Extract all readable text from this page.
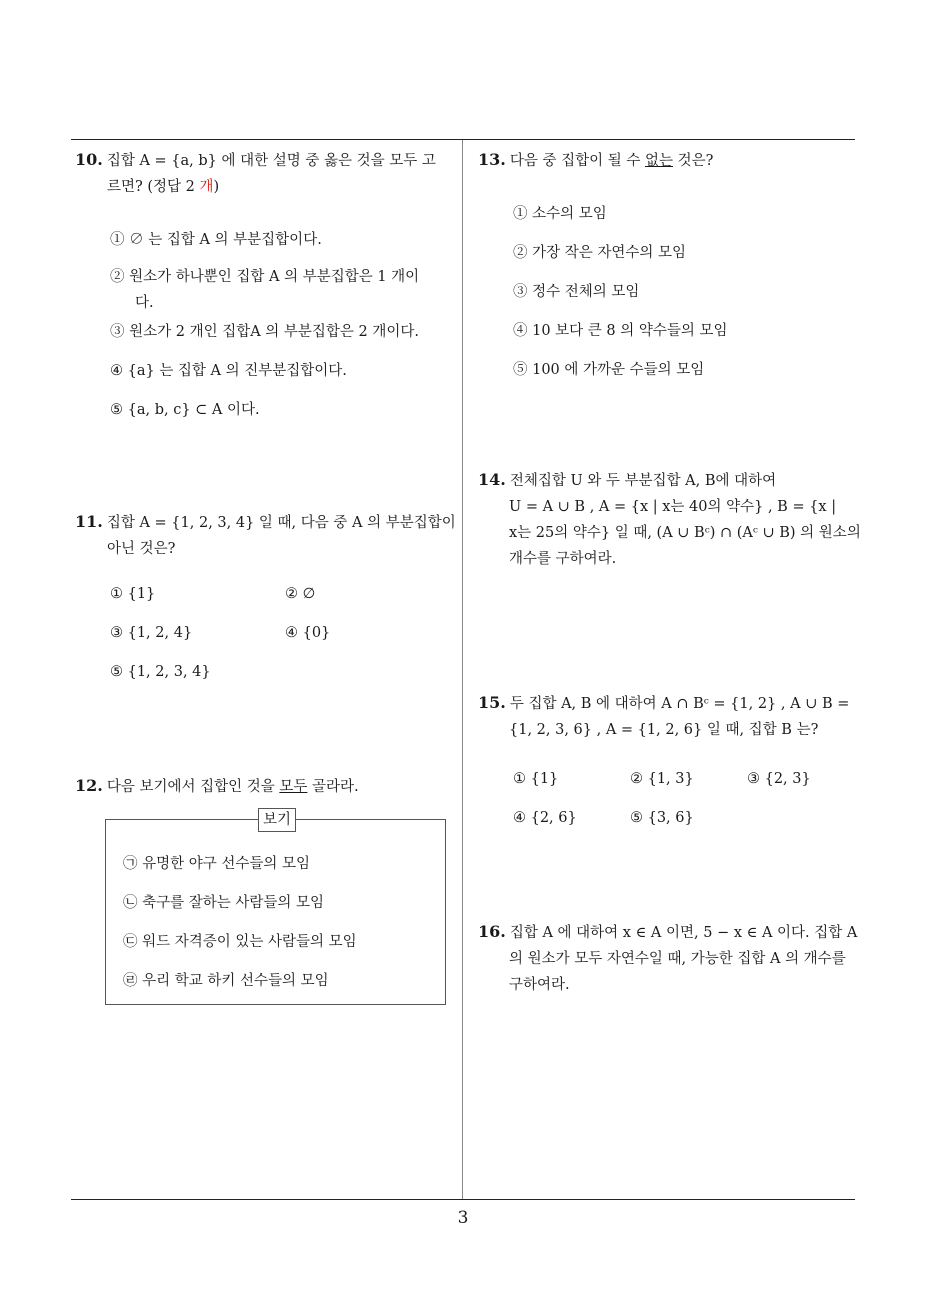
10. 집합 A = {a, b} 에 대한 설명 중 옳은 것을 모두 고
르면? (정답 2 개)
① ∅ 는 집합 A 의 부분집합이다.
② 원소가 하나뿐인 집합 A 의 부분집합은 1 개이
다.
③ 원소가 2 개인 집합A 의 부분집합은 2 개이다.
④ {a} 는 집합 A 의 진부분집합이다.
⑤ {a, b, c} ⊂ A 이다.
11. 집합 A = {1, 2, 3, 4} 일 때, 다음 중 A 의 부분집합이
아닌 것은?
① {1}	② ∅
③ {1, 2, 4}	④ {0}
⑤ {1, 2, 3, 4}
12. 다음 보기에서 집합인 것을 모두 골라라.
보기
㉠ 유명한 야구 선수들의 모임
㉡ 축구를 잘하는 사람들의 모임
㉢ 워드 자격증이 있는 사람들의 모임
㉣ 우리 학교 하키 선수들의 모임
13. 다음 중 집합이 될 수 없는 것은?
① 소수의 모임
② 가장 작은 자연수의 모임
③ 정수 전체의 모임
④ 10 보다 큰 8 의 약수들의 모임
⑤ 100 에 가까운 수들의 모임
14. 전체집합 U 와 두 부분집합 A, B에 대하여
U = A ∪ B , A = {x | x는 40의 약수} , B = {x |
x는 25의 약수} 일 때, (A ∪ Bᶜ) ∩ (Aᶜ ∪ B) 의 원소의
개수를 구하여라.
15. 두 집합 A, B 에 대하여 A ∩ Bᶜ = {1, 2} , A ∪ B =
{1, 2, 3, 6} , A = {1, 2, 6} 일 때, 집합 B 는?
① {1}	② {1, 3}	③ {2, 3}
④ {2, 6}	⑤ {3, 6}
16. 집합 A 에 대하여 x ∈ A 이면, 5 − x ∈ A 이다. 집합 A
의 원소가 모두 자연수일 때, 가능한 집합 A 의 개수를
구하여라.
3
